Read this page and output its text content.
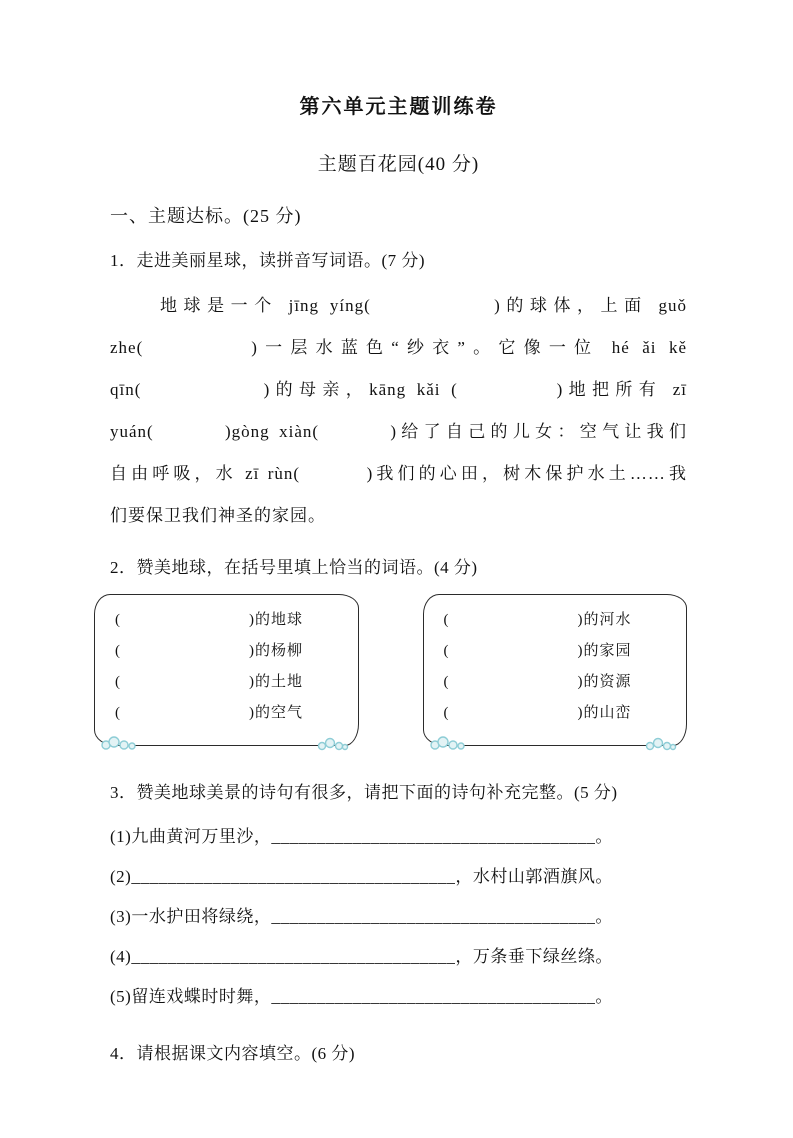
第六单元主题训练卷
主题百花园(40 分)
一、主题达标。(25 分)
1．走进美丽星球，读拼音写词语。(7 分)
地球是一个 jīng yíng(　　　　　)的球体，上面 guǒ
zhe(　　　　)一层水蓝色“纱衣”。它像一位 hé ǎi kě
qīn(　　　　　)的母亲，kāng kǎi (　　　　)地把所有 zī
yuán(　　　)gòng xiàn(　　　)给了自己的儿女：空气让我们
自由呼吸，水 zī rùn(　　　)我们的心田，树木保护水土……我
们要保卫我们神圣的家园。
2．赞美地球，在括号里填上恰当的词语。(4 分)
(　　　　　　　　)的地球
(　　　　　　　　)的杨柳
(　　　　　　　　)的土地
(　　　　　　　　)的空气
(　　　　　　　　)的河水
(　　　　　　　　)的家园
(　　　　　　　　)的资源
(　　　　　　　　)的山峦
3．赞美地球美景的诗句有很多，请把下面的诗句补充完整。(5 分)
(1)九曲黄河万里沙，____________________________________。
(2)____________________________________，水村山郭酒旗风。
(3)一水护田将绿绕，____________________________________。
(4)____________________________________，万条垂下绿丝绦。
(5)留连戏蝶时时舞，____________________________________。
4．请根据课文内容填空。(6 分)
